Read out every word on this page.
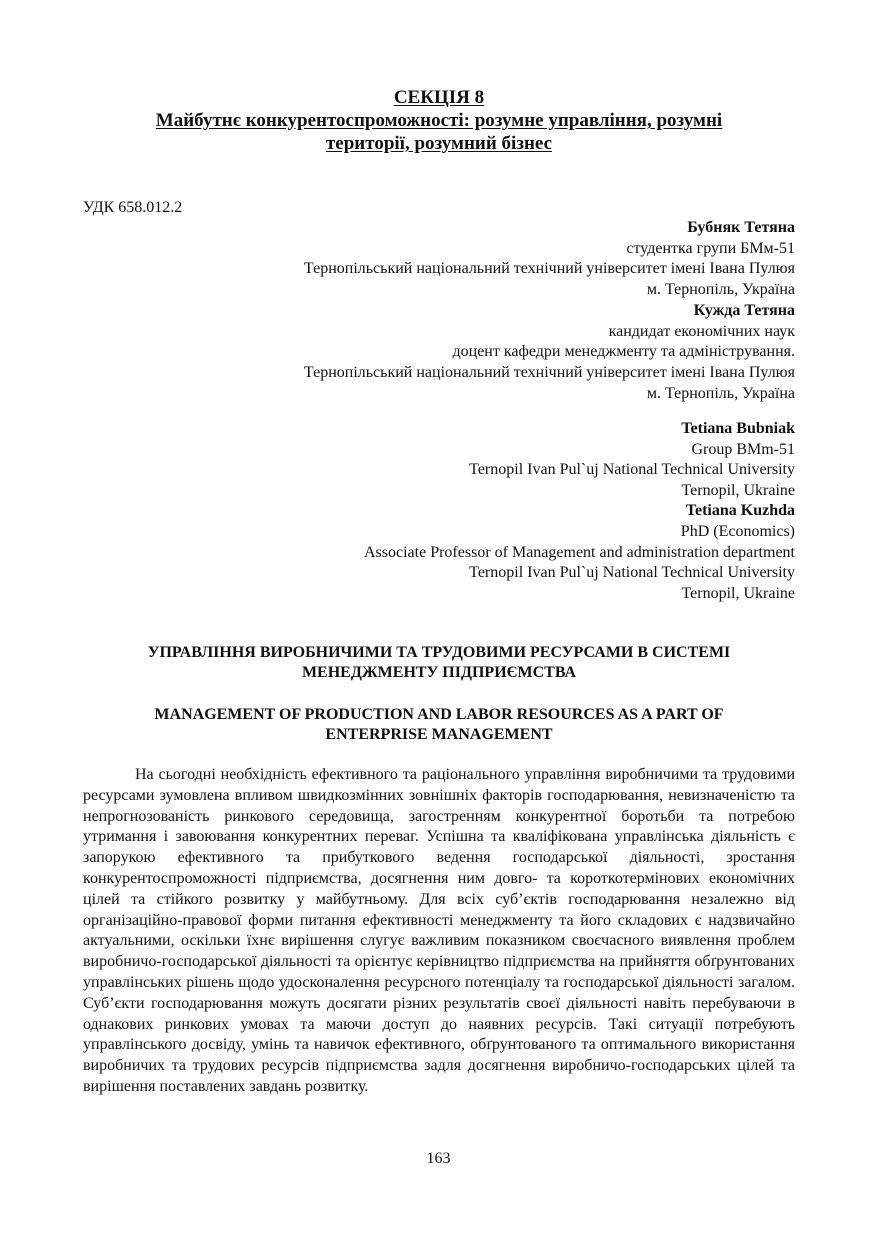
СЕКЦІЯ 8
Майбутнє конкурентоспроможності: розумне управління, розумні
території, розумний бізнес
УДК 658.012.2
Бубняк Тетяна
студентка групи БМм-51
Тернопільський національний технічний університет імені Івана Пулюя
м. Тернопіль, Україна
Кужда Тетяна
кандидат економічних наук
доцент кафедри менеджменту та адміністрування.
Тернопільський національний технічний університет імені Івана Пулюя
м. Тернопіль, Україна
Tetiana Bubniak
Group BMm-51
Ternopil Ivan Pul`uj National Technical University
Ternopil, Ukraine
Tetiana Kuzhda
PhD (Economics)
Associate Professor of Management and administration department
Ternopil Ivan Pul`uj National Technical University
Ternopil, Ukraine
УПРАВЛІННЯ ВИРОБНИЧИМИ ТА ТРУДОВИМИ РЕСУРСАМИ В СИСТЕМІ
МЕНЕДЖМЕНТУ ПІДПРИЄМСТВА
MANAGEMENT OF PRODUCTION AND LABOR RESOURCES AS A PART OF
ENTERPRISE MANAGEMENT
На сьогодні необхідність ефективного та раціонального управління виробничими та трудовими ресурсами зумовлена впливом швидкозмінних зовнішніх факторів господарювання, невизначеністю та непрогнозованість ринкового середовища, загостренням конкурентної боротьби та потребою утримання і завоювання конкурентних переваг. Успішна та кваліфікована управлінська діяльність є запорукою ефективного та прибуткового ведення господарської діяльності, зростання конкурентоспроможності підприємства, досягнення ним довго- та короткотермінових економічних цілей та стійкого розвитку у майбутньому. Для всіх суб’єктів господарювання незалежно від організаційно-правової форми питання ефективності менеджменту та його складових є надзвичайно актуальними, оскільки їхнє вирішення слугує важливим показником своєчасного виявлення проблем виробничо-господарської діяльності та орієнтує керівництво підприємства на прийняття обґрунтованих управлінських рішень щодо удосконалення ресурсного потенціалу та господарської діяльності загалом. Суб’єкти господарювання можуть досягати різних результатів своєї діяльності навіть перебуваючи в однакових ринкових умовах та маючи доступ до наявних ресурсів. Такі ситуації потребують управлінського досвіду, умінь та навичок ефективного, обґрунтованого та оптимального використання виробничих та трудових ресурсів підприємства задля досягнення виробничо-господарських цілей та вирішення поставлених завдань розвитку.
163
